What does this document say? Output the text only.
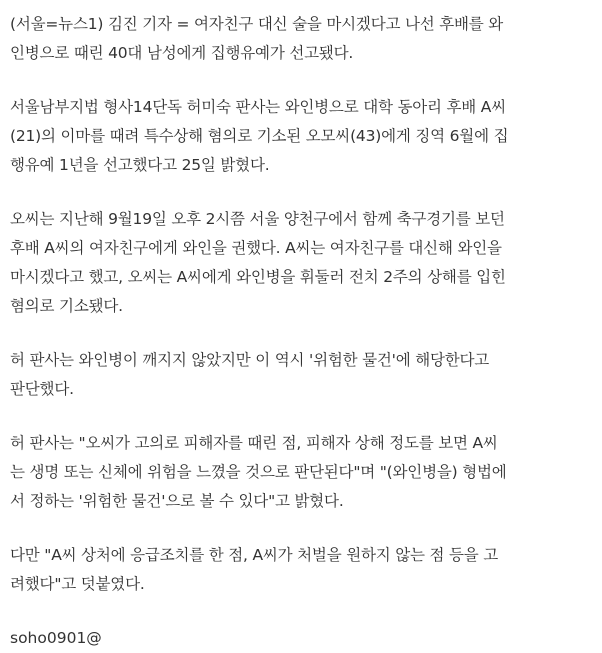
(서울=뉴스1) 김진 기자 = 여자친구 대신 술을 마시겠다고 나선 후배를 와
인병으로 때린 40대 남성에게 집행유예가 선고됐다.

서울남부지법 형사14단독 허미숙 판사는 와인병으로 대학 동아리 후배 A씨
(21)의 이마를 때려 특수상해 혐의로 기소된 오모씨(43)에게 징역 6월에 집
행유예 1년을 선고했다고 25일 밝혔다.

오씨는 지난해 9월19일 오후 2시쯤 서울 양천구에서 함께 축구경기를 보던
후배 A씨의 여자친구에게 와인을 권했다. A씨는 여자친구를 대신해 와인을
마시겠다고 했고, 오씨는 A씨에게 와인병을 휘둘러 전치 2주의 상해를 입힌
혐의로 기소됐다.

허 판사는 와인병이 깨지지 않았지만 이 역시 '위험한 물건'에 해당한다고
판단했다.

허 판사는 "오씨가 고의로 피해자를 때린 점, 피해자 상해 정도를 보면 A씨
는 생명 또는 신체에 위험을 느꼈을 것으로 판단된다"며 "(와인병을) 형법에
서 정하는 '위험한 물건'으로 볼 수 있다"고 밝혔다.

다만 "A씨 상처에 응급조치를 한 점, A씨가 처벌을 원하지 않는 점 등을 고
려했다"고 덧붙였다.

soho0901@
